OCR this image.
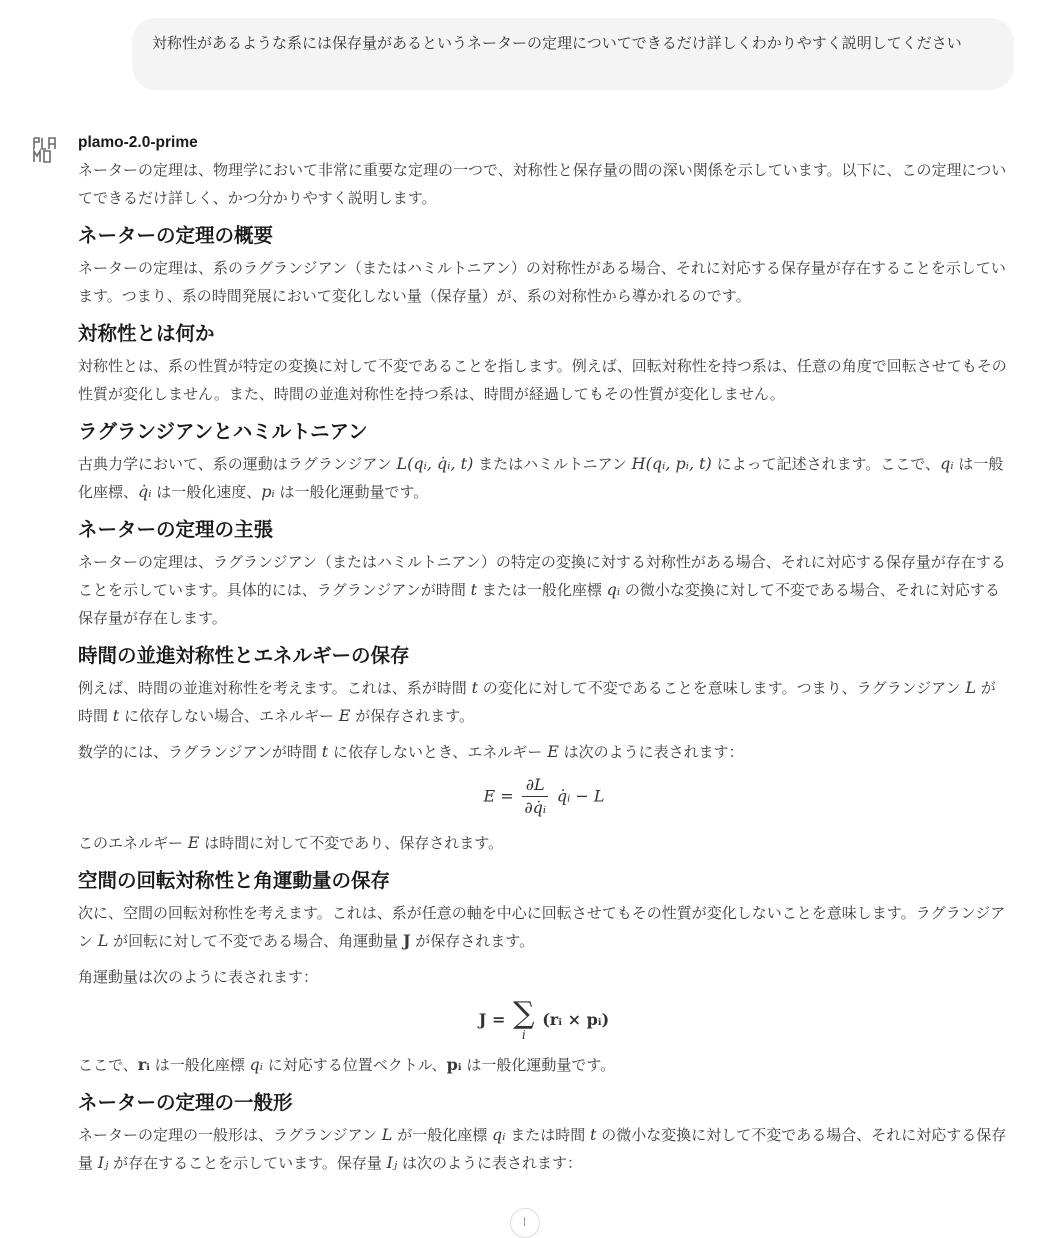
対称性があるような系には保存量があるというネーターの定理についてできるだけ詳しくわかりやすく説明してください
plamo-2.0-prime

ネーターの定理は、物理学において非常に重要な定理の一つで、対称性と保存量の間の深い関係を示しています。以下に、この定理についてできるだけ詳しく、かつ分かりやすく説明します。

ネーターの定理の概要

ネーターの定理は、系のラグランジアン（またはハミルトニアン）の対称性がある場合、それに対応する保存量が存在することを示しています。つまり、系の時間発展において変化しない量（保存量）が、系の対称性から導かれるのです。

対称性とは何か

対称性とは、系の性質が特定の変換に対して不変であることを指します。例えば、回転対称性を持つ系は、任意の角度で回転させてもその性質が変化しません。また、時間の並進対称性を持つ系は、時間が経過してもその性質が変化しません。

ラグランジアンとハミルトニアン

古典力学において、系の運動はラグランジアン L(qᵢ, q̇ᵢ, t) またはハミルトニアン H(qᵢ, pᵢ, t) によって記述されます。ここで、qᵢ は一般化座標、q̇ᵢ は一般化速度、pᵢ は一般化運動量です。

ネーターの定理の主張

ネーターの定理は、ラグランジアン（またはハミルトニアン）の特定の変換に対する対称性がある場合、それに対応する保存量が存在することを示しています。具体的には、ラグランジアンが時間 t または一般化座標 qᵢ の微小な変換に対して不変である場合、それに対応する保存量が存在します。

時間の並進対称性とエネルギーの保存

例えば、時間の並進対称性を考えます。これは、系が時間 t の変化に対して不変であることを意味します。つまり、ラグランジアン L が時間 t に依存しない場合、エネルギー E が保存されます。

数学的には、ラグランジアンが時間 t に依存しないとき、エネルギー E は次のように表されます：

$E = \frac{\partial L}{\text{∂q̇ᵢ}}$ q̇ᵢ − L

このエネルギー E は時間に対して不変であり、保存されます。

空間の回転対称性と角運動量の保存

次に、空間の回転対称性を考えます。これは、系が任意の軸を中心に回転させてもその性質が変化しないことを意味します。ラグランジアン L が回転に対して不変である場合、角運動量 J が保存されます。

角運動量は次のように表されます：

J = ∑
i
(rᵢ × pᵢ)

ここで、rᵢ は一般化座標 qᵢ に対応する位置ベクトル、pᵢ は一般化運動量です。

ネーターの定理の一般形

ネーターの定理の一般形は、ラグランジアン L が一般化座標 qᵢ または時間 t の微小な変換に対して不変である場合、それに対応する保存量 Iⱼ が存在することを示しています。保存量 Iⱼ は次のように表されます：
